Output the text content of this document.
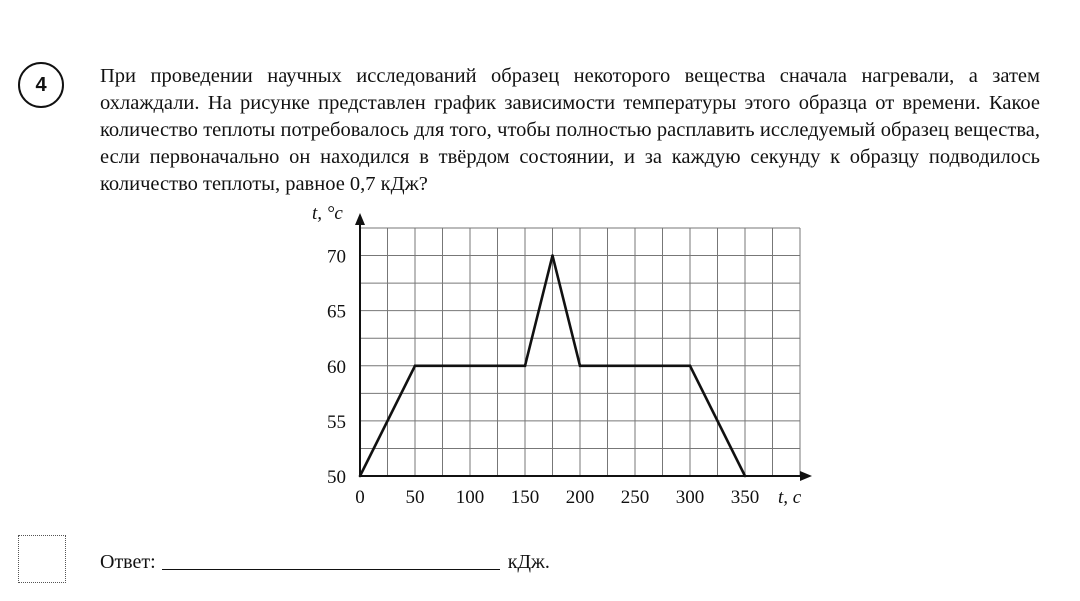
4	При проведении научных исследований образец некоторого вещества сначала нагревали, а затем охлаждали. На рисунке представлен график зависимости температуры этого образца от времени. Какое количество теплоты потребовалось для того, чтобы полностью расплавить исследуемый образец вещества, если первоначально он находился в твёрдом состоянии, и за каждую секунду к образцу подводилось количество теплоты, равное 0,7 кДж?

0 50 100 150 200 250 300 350
50
55
60
65
70
t, °c
t, c
Ответ:	кДж.
